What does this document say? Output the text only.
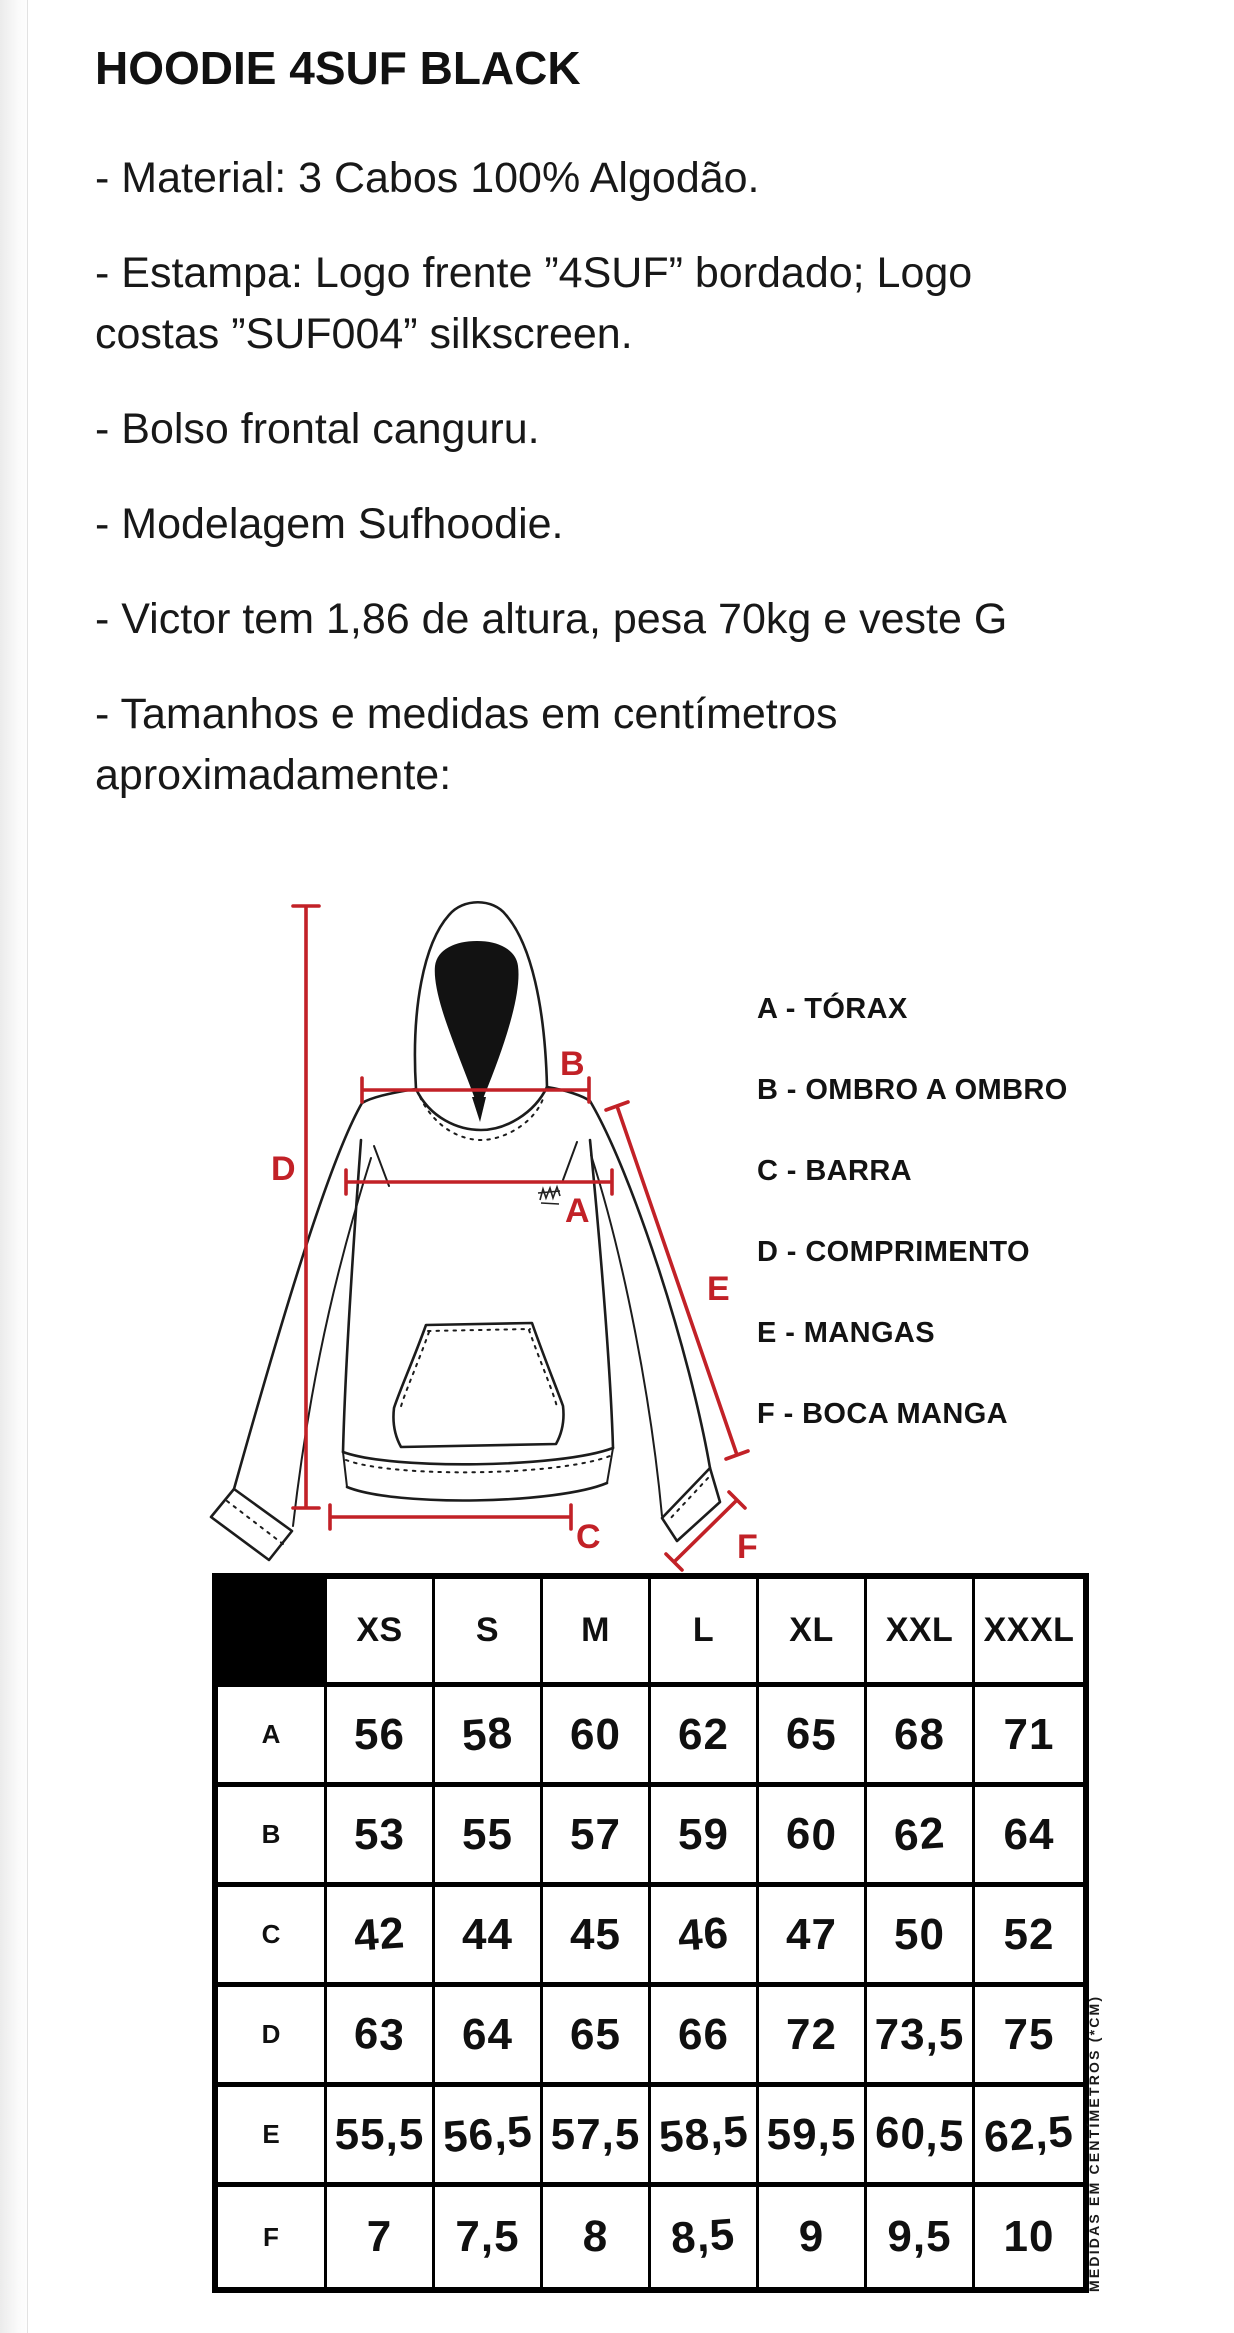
HOODIE 4SUF BLACK
- Material: 3 Cabos 100% Algodão.
- Estampa: Logo frente ”4SUF” bordado; Logo costas ”SUF004” silkscreen.
- Bolso frontal canguru.
- Modelagem Sufhoodie.
- Victor tem 1,86 de altura, pesa 70kg e veste G
- Tamanhos e medidas em centímetros aproximadamente:
D
B
A
E
C	F
A - TÓRAX
B - OMBRO A OMBRO
C - BARRA
D - COMPRIMENTO
E - MANGAS
F - BOCA MANGA
XS S M L XL XXL XXXL
A 56 58 60 62 65 68 71
B 53 55 57 59 60 62 64
C 42 44 45 46 47 50 52
D 63 64 65 66 72 73,5 75
E 55,5 56,5 57,5 58,5 59,5 60,5 62,5
F 7 7,5 8 8,5 9 9,5 10 MEDIDAS EM CENTÍMETROS (*CM)
